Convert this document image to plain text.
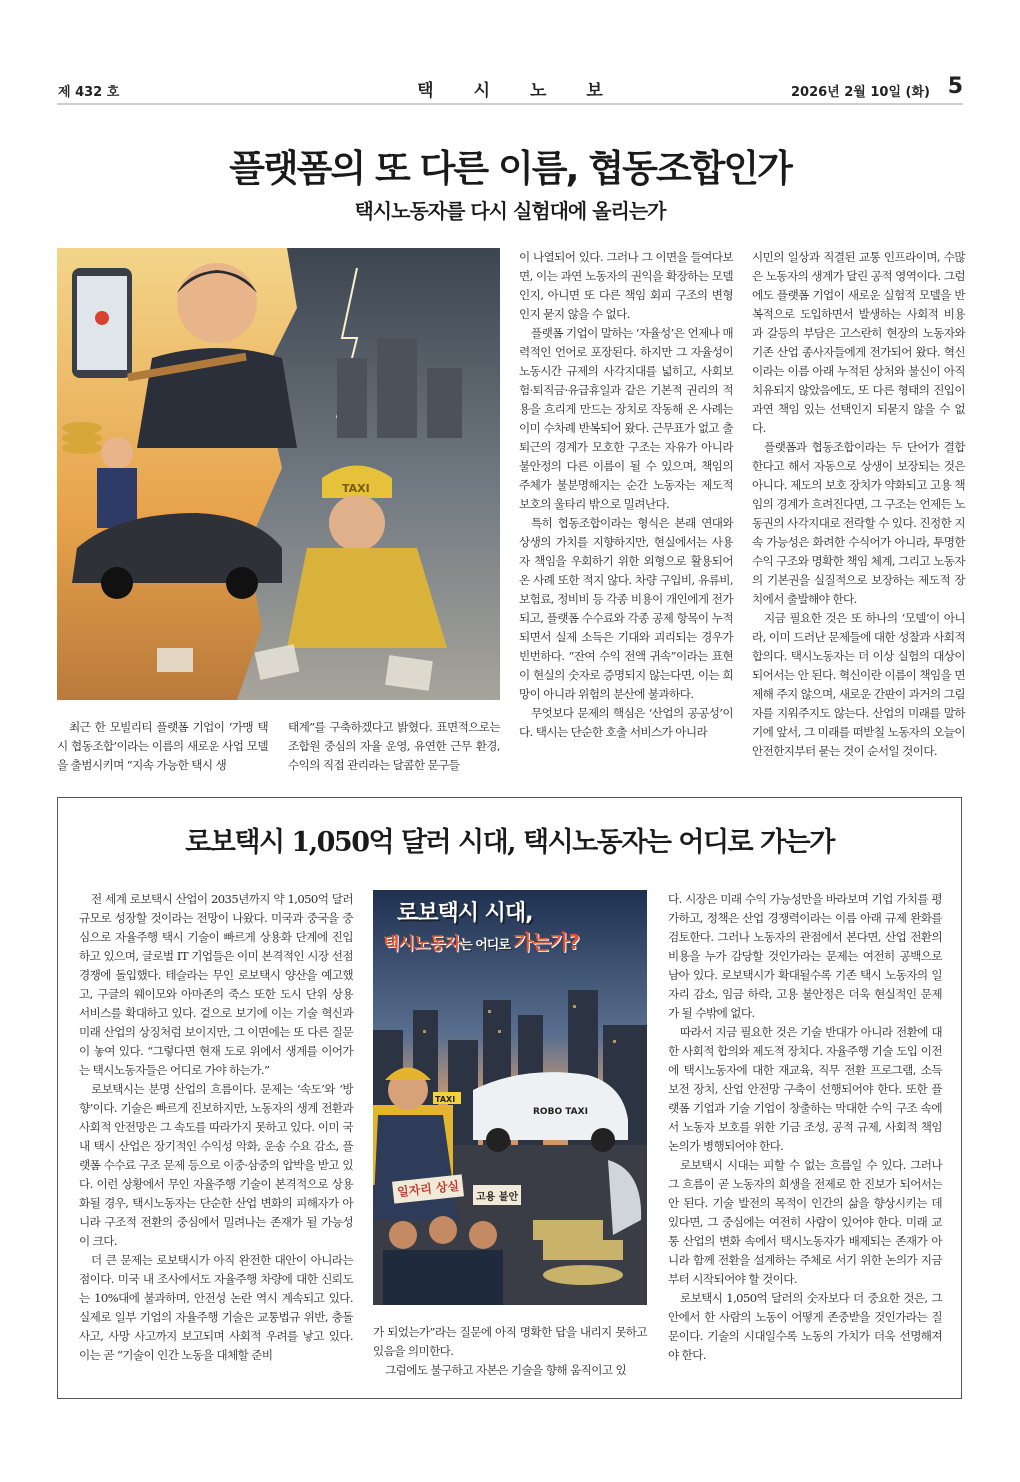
제 432 호	택시노보	2026년 2월 10일 (화) 5
플랫폼의 또 다른 이름, 협동조합인가
택시노동자를 다시 실험대에 올리는가
TAXI

최근 한 모빌리티 플랫폼 기업이 ‘가맹 택시 협동조합’이라는 이름의 새로운 사업 모델을 출범시키며 “지속 가능한 택시 생

태계”를 구축하겠다고 밝혔다. 표면적으로는 조합원 중심의 자율 운영, 유연한 근무 환경, 수익의 직접 관리라는 달콤한 문구들

이 나열되어 있다. 그러나 그 이면을 들여다보면, 이는 과연 노동자의 권익을 확장하는 모델인지, 아니면 또 다른 책임 회피 구조의 변형인지 묻지 않을 수 없다.

플랫폼 기업이 말하는 ‘자율성’은 언제나 매력적인 언어로 포장된다. 하지만 그 자율성이 노동시간 규제의 사각지대를 넓히고, 사회보험·퇴직금·유급휴일과 같은 기본적 권리의 적용을 흐리게 만드는 장치로 작동해 온 사례는 이미 수차례 반복되어 왔다. 근무표가 없고 출퇴근의 경계가 모호한 구조는 자유가 아니라 불안정의 다른 이름이 될 수 있으며, 책임의 주체가 불분명해지는 순간 노동자는 제도적 보호의 울타리 밖으로 밀려난다.

특히 협동조합이라는 형식은 본래 연대와 상생의 가치를 지향하지만, 현실에서는 사용자 책임을 우회하기 위한 외형으로 활용되어 온 사례 또한 적지 않다. 차량 구입비, 유류비, 보험료, 정비비 등 각종 비용이 개인에게 전가되고, 플랫폼 수수료와 각종 공제 항목이 누적되면서 실제 소득은 기대와 괴리되는 경우가 빈번하다. “잔여 수익 전액 귀속”이라는 표현이 현실의 숫자로 증명되지 않는다면, 이는 희망이 아니라 위험의 분산에 불과하다.

무엇보다 문제의 핵심은 ‘산업의 공공성’이다. 택시는 단순한 호출 서비스가 아니라

시민의 일상과 직결된 교통 인프라이며, 수많은 노동자의 생계가 달린 공적 영역이다. 그럼에도 플랫폼 기업이 새로운 실험적 모델을 반복적으로 도입하면서 발생하는 사회적 비용과 갈등의 부담은 고스란히 현장의 노동자와 기존 산업 종사자들에게 전가되어 왔다. 혁신이라는 이름 아래 누적된 상처와 불신이 아직 치유되지 않았음에도, 또 다른 형태의 진입이 과연 책임 있는 선택인지 되묻지 않을 수 없다.

플랫폼과 협동조합이라는 두 단어가 결합한다고 해서 자동으로 상생이 보장되는 것은 아니다. 제도의 보호 장치가 약화되고 고용 책임의 경계가 흐려진다면, 그 구조는 언제든 노동권의 사각지대로 전락할 수 있다. 진정한 지속 가능성은 화려한 수식어가 아니라, 투명한 수익 구조와 명확한 책임 체계, 그리고 노동자의 기본권을 실질적으로 보장하는 제도적 장치에서 출발해야 한다.

지금 필요한 것은 또 하나의 ‘모델’이 아니라, 이미 드러난 문제들에 대한 성찰과 사회적 합의다. 택시노동자는 더 이상 실험의 대상이 되어서는 안 된다. 혁신이란 이름이 책임을 면제해 주지 않으며, 새로운 간판이 과거의 그림자를 지워주지도 않는다. 산업의 미래를 말하기에 앞서, 그 미래를 떠받칠 노동자의 오늘이 안전한지부터 묻는 것이 순서일 것이다.

로보택시 1,050억 달러 시대, 택시노동자는 어디로 가는가
ROBO TAXI
TAXI
로보택시 시대,
택시노동자는 어디로 가는가?
일자리 상실 고용 불안

전 세계 로보택시 산업이 2035년까지 약 1,050억 달러 규모로 성장할 것이라는 전망이 나왔다. 미국과 중국을 중심으로 자율주행 택시 기술이 빠르게 상용화 단계에 진입하고 있으며, 글로벌 IT 기업들은 이미 본격적인 시장 선점 경쟁에 돌입했다. 테슬라는 무인 로보택시 양산을 예고했고, 구글의 웨이모와 아마존의 죽스 또한 도시 단위 상용 서비스를 확대하고 있다. 겉으로 보기에 이는 기술 혁신과 미래 산업의 상징처럼 보이지만, 그 이면에는 또 다른 질문이 놓여 있다. “그렇다면 현재 도로 위에서 생계를 이어가는 택시노동자들은 어디로 가야 하는가.”

로보택시는 분명 산업의 흐름이다. 문제는 ‘속도’와 ‘방향’이다. 기술은 빠르게 진보하지만, 노동자의 생계 전환과 사회적 안전망은 그 속도를 따라가지 못하고 있다. 이미 국내 택시 산업은 장기적인 수익성 악화, 운송 수요 감소, 플랫폼 수수료 구조 문제 등으로 이중·삼중의 압박을 받고 있다. 이런 상황에서 무인 자율주행 기술이 본격적으로 상용화될 경우, 택시노동자는 단순한 산업 변화의 피해자가 아니라 구조적 전환의 중심에서 밀려나는 존재가 될 가능성이 크다.

더 큰 문제는 로보택시가 아직 완전한 대안이 아니라는 점이다. 미국 내 조사에서도 자율주행 차량에 대한 신뢰도는 10%대에 불과하며, 안전성 논란 역시 계속되고 있다. 실제로 일부 기업의 자율주행 기술은 교통법규 위반, 충돌 사고, 사망 사고까지 보고되며 사회적 우려를 낳고 있다. 이는 곧 “기술이 인간 노동을 대체할 준비

가 되었는가”라는 질문에 아직 명확한 답을 내리지 못하고 있음을 의미한다.

그럼에도 불구하고 자본은 기술을 향해 움직이고 있

다. 시장은 미래 수익 가능성만을 바라보며 기업 가치를 평가하고, 정책은 산업 경쟁력이라는 이름 아래 규제 완화를 검토한다. 그러나 노동자의 관점에서 본다면, 산업 전환의 비용을 누가 감당할 것인가라는 문제는 여전히 공백으로 남아 있다. 로보택시가 확대될수록 기존 택시 노동자의 일자리 감소, 임금 하락, 고용 불안정은 더욱 현실적인 문제가 될 수밖에 없다.

따라서 지금 필요한 것은 기술 반대가 아니라 전환에 대한 사회적 합의와 제도적 장치다. 자율주행 기술 도입 이전에 택시노동자에 대한 재교육, 직무 전환 프로그램, 소득 보전 장치, 산업 안전망 구축이 선행되어야 한다. 또한 플랫폼 기업과 기술 기업이 창출하는 막대한 수익 구조 속에서 노동자 보호를 위한 기금 조성, 공적 규제, 사회적 책임 논의가 병행되어야 한다.

로보택시 시대는 피할 수 없는 흐름일 수 있다. 그러나 그 흐름이 곧 노동자의 희생을 전제로 한 진보가 되어서는 안 된다. 기술 발전의 목적이 인간의 삶을 향상시키는 데 있다면, 그 중심에는 여전히 사람이 있어야 한다. 미래 교통 산업의 변화 속에서 택시노동자가 배제되는 존재가 아니라 함께 전환을 설계하는 주체로 서기 위한 논의가 지금부터 시작되어야 할 것이다.

로보택시 1,050억 달러의 숫자보다 더 중요한 것은, 그 안에서 한 사람의 노동이 어떻게 존중받을 것인가라는 질문이다. 기술의 시대일수록 노동의 가치가 더욱 선명해져야 한다.
